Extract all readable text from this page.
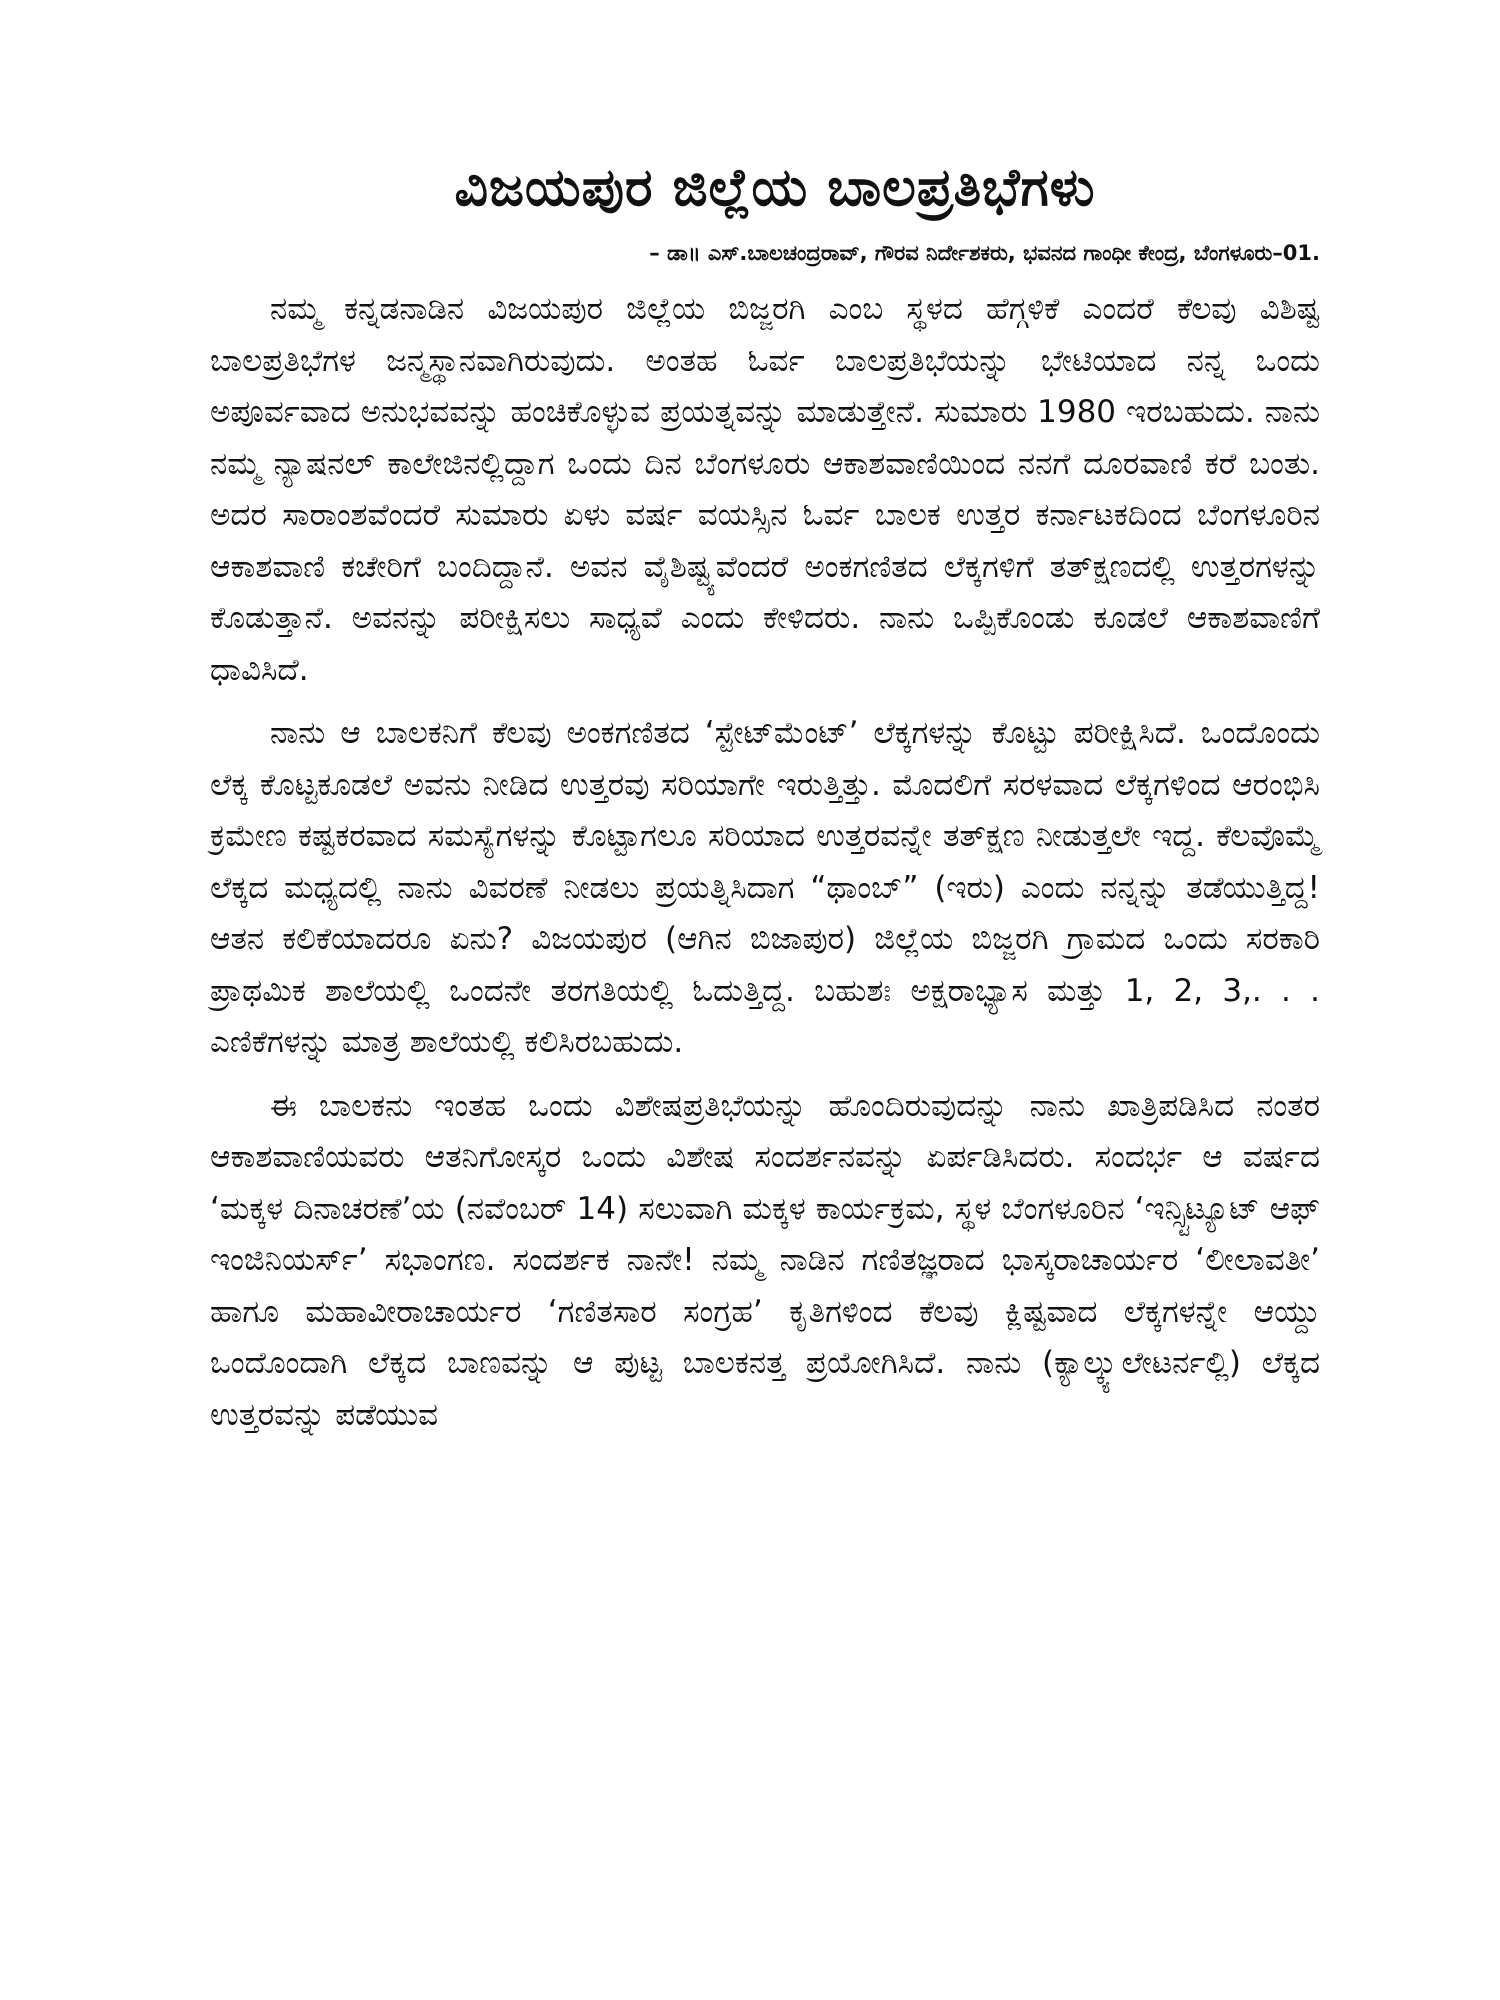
ವಿಜಯಪುರ ಜಿಲ್ಲೆಯ ಬಾಲಪ್ರತಿಭೆಗಳು
– ಡಾ॥ ಎಸ್.ಬಾಲಚಂದ್ರರಾವ್, ಗೌರವ ನಿರ್ದೇಶಕರು, ಭವನದ ಗಾಂಧೀ ಕೇಂದ್ರ, ಬೆಂಗಳೂರು–01.

ನಮ್ಮ ಕನ್ನಡನಾಡಿನ ವಿಜಯಪುರ ಜಿಲ್ಲೆಯ ಬಿಜ್ಜರಗಿ ಎಂಬ ಸ್ಥಳದ ಹೆಗ್ಗಳಿಕೆ ಎಂದರೆ ಕೆಲವು ವಿಶಿಷ್ಟ ಬಾಲಪ್ರತಿಭೆಗಳ ಜನ್ಮಸ್ಥಾನವಾಗಿರುವುದು. ಅಂತಹ ಓರ್ವ ಬಾಲಪ್ರತಿಭೆಯನ್ನು ಭೇಟಿಯಾದ ನನ್ನ ಒಂದು ಅಪೂರ್ವವಾದ ಅನುಭವವನ್ನು ಹಂಚಿಕೊಳ್ಳುವ ಪ್ರಯತ್ನವನ್ನು ಮಾಡುತ್ತೇನೆ. ಸುಮಾರು 1980 ಇರಬಹುದು. ನಾನು ನಮ್ಮ ನ್ಯಾಷನಲ್ ಕಾಲೇಜಿನಲ್ಲಿದ್ದಾಗ ಒಂದು ದಿನ ಬೆಂಗಳೂರು ಆಕಾಶವಾಣಿಯಿಂದ ನನಗೆ ದೂರವಾಣಿ ಕರೆ ಬಂತು. ಅದರ ಸಾರಾಂಶವೆಂದರೆ ಸುಮಾರು ಏಳು ವರ್ಷ ವಯಸ್ಸಿನ ಓರ್ವ ಬಾಲಕ ಉತ್ತರ ಕರ್ನಾಟಕದಿಂದ ಬೆಂಗಳೂರಿನ ಆಕಾಶವಾಣಿ ಕಚೇರಿಗೆ ಬಂದಿದ್ದಾನೆ. ಅವನ ವೈಶಿಷ್ಟ್ಯವೆಂದರೆ ಅಂಕಗಣಿತದ ಲೆಕ್ಕಗಳಿಗೆ ತತ್‌ಕ್ಷಣದಲ್ಲಿ ಉತ್ತರಗಳನ್ನು ಕೊಡುತ್ತಾನೆ. ಅವನನ್ನು ಪರೀಕ್ಷಿಸಲು ಸಾಧ್ಯವೆ ಎಂದು ಕೇಳಿದರು. ನಾನು ಒಪ್ಪಿಕೊಂಡು ಕೂಡಲೆ ಆಕಾಶವಾಣಿಗೆ ಧಾವಿಸಿದೆ.

ನಾನು ಆ ಬಾಲಕನಿಗೆ ಕೆಲವು ಅಂಕಗಣಿತದ ‘ಸ್ಟೇಟ್‌ಮೆಂಟ್’ ಲೆಕ್ಕಗಳನ್ನು ಕೊಟ್ಟು ಪರೀಕ್ಷಿಸಿದೆ. ಒಂದೊಂದು ಲೆಕ್ಕ ಕೊಟ್ಟಕೂಡಲೆ ಅವನು ನೀಡಿದ ಉತ್ತರವು ಸರಿಯಾಗೇ ಇರುತ್ತಿತ್ತು. ಮೊದಲಿಗೆ ಸರಳವಾದ ಲೆಕ್ಕಗಳಿಂದ ಆರಂಭಿಸಿ ಕ್ರಮೇಣ ಕಷ್ಟಕರವಾದ ಸಮಸ್ಯೆಗಳನ್ನು ಕೊಟ್ಟಾಗಲೂ ಸರಿಯಾದ ಉತ್ತರವನ್ನೇ ತತ್‌ಕ್ಷಣ ನೀಡುತ್ತಲೇ ಇದ್ದ. ಕೆಲವೊಮ್ಮೆ ಲೆಕ್ಕದ ಮಧ್ಯದಲ್ಲಿ ನಾನು ವಿವರಣೆ ನೀಡಲು ಪ್ರಯತ್ನಿಸಿದಾಗ “ಥಾಂಬ್” (ಇರು) ಎಂದು ನನ್ನನ್ನು ತಡೆಯುತ್ತಿದ್ದ! ಆತನ ಕಲಿಕೆಯಾದರೂ ಏನು? ವಿಜಯಪುರ (ಆಗಿನ ಬಿಜಾಪುರ) ಜಿಲ್ಲೆಯ ಬಿಜ್ಜರಗಿ ಗ್ರಾಮದ ಒಂದು ಸರಕಾರಿ ಪ್ರಾಥಮಿಕ ಶಾಲೆಯಲ್ಲಿ ಒಂದನೇ ತರಗತಿಯಲ್ಲಿ ಓದುತ್ತಿದ್ದ. ಬಹುಶಃ ಅಕ್ಷರಾಭ್ಯಾಸ ಮತ್ತು 1, 2, 3,. . . ಎಣಿಕೆಗಳನ್ನು ಮಾತ್ರ ಶಾಲೆಯಲ್ಲಿ ಕಲಿಸಿರಬಹುದು.

ಈ ಬಾಲಕನು ಇಂತಹ ಒಂದು ವಿಶೇಷಪ್ರತಿಭೆಯನ್ನು ಹೊಂದಿರುವುದನ್ನು ನಾನು ಖಾತ್ರಿಪಡಿಸಿದ ನಂತರ ಆಕಾಶವಾಣಿಯವರು ಆತನಿಗೋಸ್ಕರ ಒಂದು ವಿಶೇಷ ಸಂದರ್ಶನವನ್ನು ಏರ್ಪಡಿಸಿದರು. ಸಂದರ್ಭ ಆ ವರ್ಷದ ‘ಮಕ್ಕಳ ದಿನಾಚರಣೆ’ಯ (ನವೆಂಬರ್ 14) ಸಲುವಾಗಿ ಮಕ್ಕಳ ಕಾರ್ಯಕ್ರಮ, ಸ್ಥಳ ಬೆಂಗಳೂರಿನ ‘ಇನ್ಸ್ಟಿಟ್ಯೂಟ್ ಆಫ್ ಇಂಜಿನಿಯರ್ಸ್’ ಸಭಾಂಗಣ. ಸಂದರ್ಶಕ ನಾನೇ! ನಮ್ಮ ನಾಡಿನ ಗಣಿತಜ್ಞರಾದ ಭಾಸ್ಕರಾಚಾರ್ಯರ ‘ಲೀಲಾವತೀ’ ಹಾಗೂ ಮಹಾವೀರಾಚಾರ್ಯರ ‘ಗಣಿತಸಾರ ಸಂಗ್ರಹ’ ಕೃತಿಗಳಿಂದ ಕೆಲವು ಕ್ಲಿಷ್ಟವಾದ ಲೆಕ್ಕಗಳನ್ನೇ ಆಯ್ದು ಒಂದೊಂದಾಗಿ ಲೆಕ್ಕದ ಬಾಣವನ್ನು ಆ ಪುಟ್ಟ ಬಾಲಕನತ್ತ ಪ್ರಯೋಗಿಸಿದೆ. ನಾನು (ಕ್ಯಾಲ್ಕ್ಯುಲೇಟರ್ನಲ್ಲಿ) ಲೆಕ್ಕದ ಉತ್ತರವನ್ನು ಪಡೆಯುವ
